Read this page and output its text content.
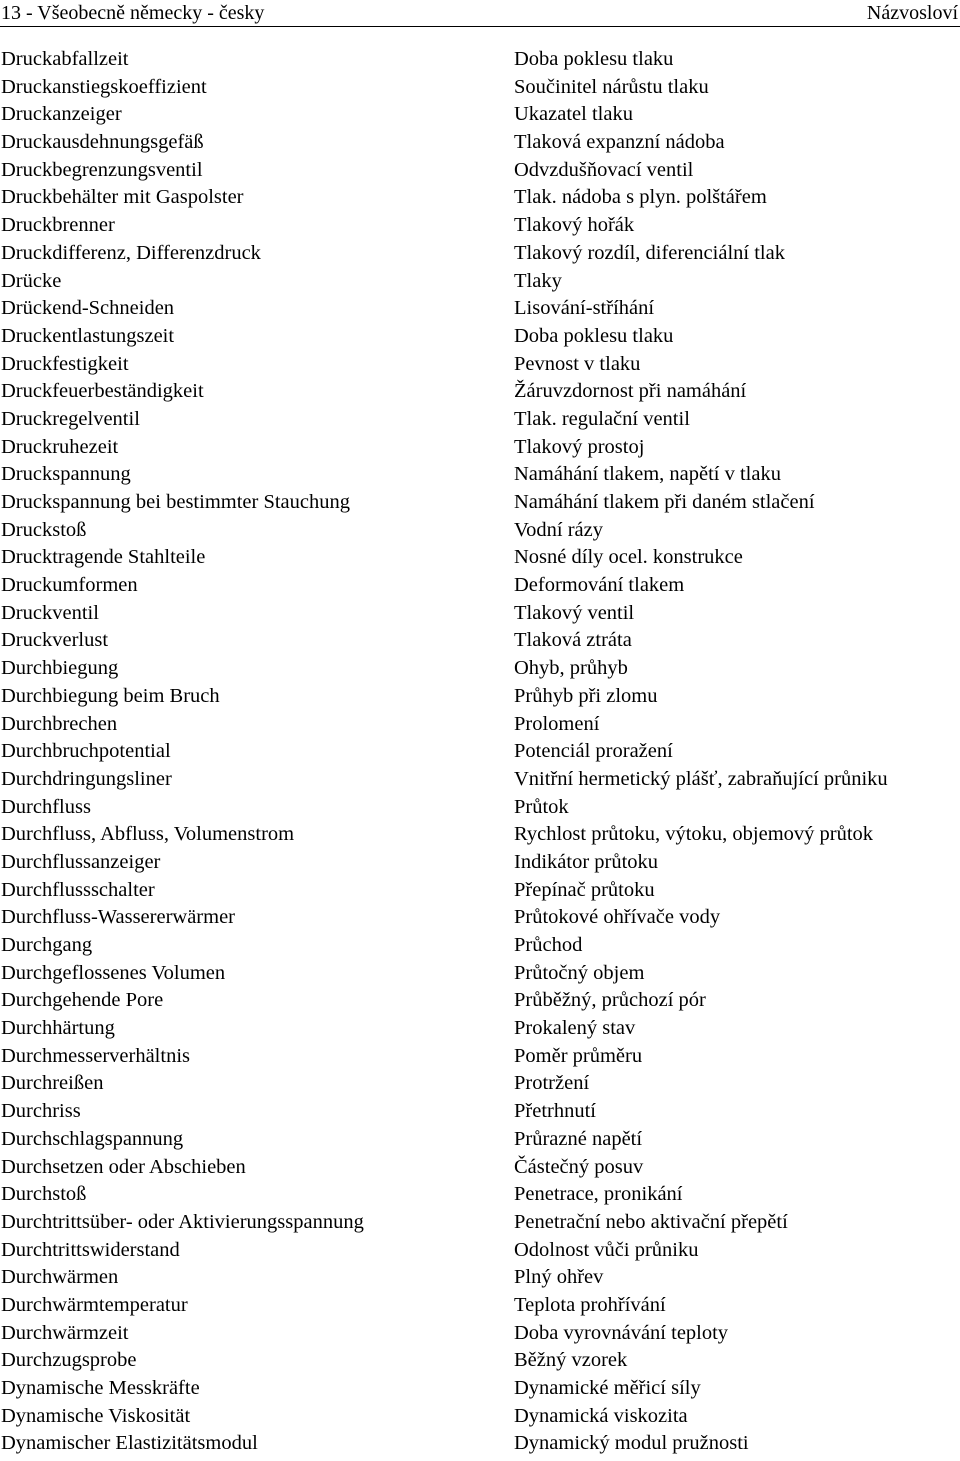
13 - Všeobecně německy - česky	Názvosloví
Druckabfallzeit	Doba poklesu tlaku
Druckanstiegskoeffizient	Součinitel nárůstu tlaku
Druckanzeiger	Ukazatel tlaku
Druckausdehnungsgefäß	Tlaková expanzní nádoba
Druckbegrenzungsventil	Odvzdušňovací ventil
Druckbehälter mit Gaspolster	Tlak. nádoba s plyn. polštářem
Druckbrenner	Tlakový hořák
Druckdifferenz, Differenzdruck	Tlakový rozdíl, diferenciální tlak
Drücke	Tlaky
Drückend-Schneiden	Lisování-stříhání
Druckentlastungszeit	Doba poklesu tlaku
Druckfestigkeit	Pevnost v tlaku
Druckfeuerbeständigkeit	Žáruvzdornost při namáhání
Druckregelventil	Tlak. regulační ventil
Druckruhezeit	Tlakový prostoj
Druckspannung	Namáhání tlakem, napětí v tlaku
Druckspannung bei bestimmter Stauchung	Namáhání tlakem při daném stlačení
Druckstoß	Vodní rázy
Drucktragende Stahlteile	Nosné díly ocel. konstrukce
Druckumformen	Deformování tlakem
Druckventil	Tlakový ventil
Druckverlust	Tlaková ztráta
Durchbiegung	Ohyb, průhyb
Durchbiegung beim Bruch	Průhyb při zlomu
Durchbrechen	Prolomení
Durchbruchpotential	Potenciál proražení
Durchdringungsliner	Vnitřní hermetický plášť, zabraňující průniku
Durchfluss	Průtok
Durchfluss, Abfluss, Volumenstrom	Rychlost průtoku, výtoku, objemový průtok
Durchflussanzeiger	Indikátor průtoku
Durchflussschalter	Přepínač průtoku
Durchfluss-Wassererwärmer	Průtokové ohřívače vody
Durchgang	Průchod
Durchgeflossenes Volumen	Průtočný objem
Durchgehende Pore	Průběžný, průchozí pór
Durchhärtung	Prokalený stav
Durchmesserverhältnis	Poměr průměru
Durchreißen	Protržení
Durchriss	Přetrhnutí
Durchschlagspannung	Průrazné napětí
Durchsetzen oder Abschieben	Částečný posuv
Durchstoß	Penetrace, pronikání
Durchtrittsüber- oder Aktivierungsspannung	Penetrační nebo aktivační přepětí
Durchtrittswiderstand	Odolnost vůči průniku
Durchwärmen	Plný ohřev
Durchwärmtemperatur	Teplota prohřívání
Durchwärmzeit	Doba vyrovnávání teploty
Durchzugsprobe	Běžný vzorek
Dynamische Messkräfte	Dynamické měřicí síly
Dynamische Viskosität	Dynamická viskozita
Dynamischer Elastizitätsmodul	Dynamický modul pružnosti
